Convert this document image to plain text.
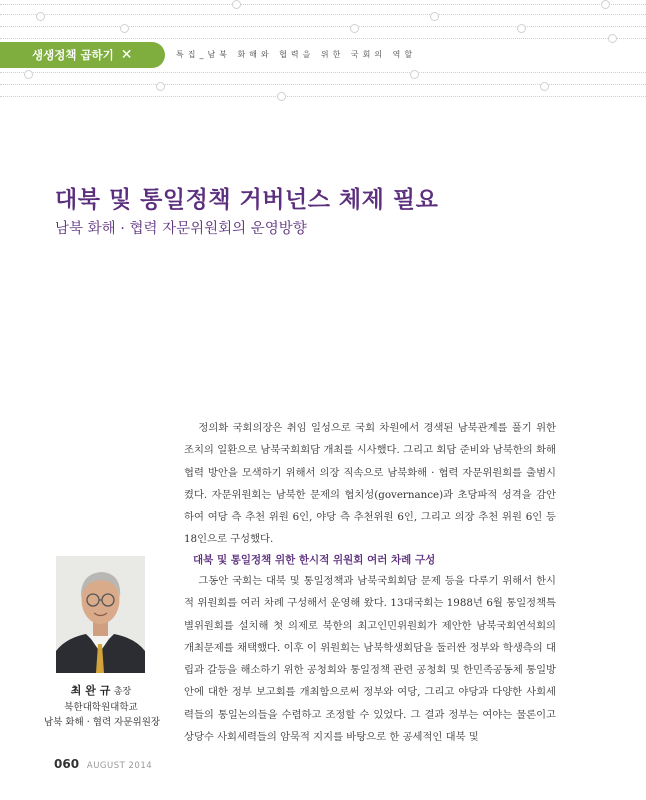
생생정책 곱하기 ✕	특집_남북 화해와 협력을 위한 국회의 역할
대북 및 통일정책 거버넌스 체제 필요
남북 화해 · 협력 자문위원회의 운영방향

정의화 국회의장은 취임 일성으로 국회 차원에서 경색된 남북관계를 풀기 위한 조치의 일환으로 남북국회회담 개최를 시사했다. 그리고 회담 준비와 남북한의 화해 협력 방안을 모색하기 위해서 의장 직속으로 남북화해 · 협력 자문위원회를 출범시켰다. 자문위원회는 남북한 문제의 협치성(governance)과 초당파적 성격을 감안하여 여당 측 추천 위원 6인, 야당 측 추천위원 6인, 그리고 의장 추천 위원 6인 등 18인으로 구성했다.

대북 및 통일정책 위한 한시적 위원회 여러 차례 구성

그동안 국회는 대북 및 통일정책과 남북국회회담 문제 등을 다루기 위해서 한시적 위원회를 여러 차례 구성해서 운영해 왔다. 13대국회는 1988년 6월 통일정책특별위원회를 설치해 첫 의제로 북한의 최고인민위원회가 제안한 남북국회연석회의 개최문제를 채택했다. 이후 이 위원회는 남북학생회담을 둘러싼 정부와 학생측의 대립과 갈등을 해소하기 위한 공청회와 통일정책 관련 공청회 및 한민족공동체 통일방안에 대한 정부 보고회를 개최함으로써 정부와 여당, 그리고 야당과 다양한 사회세력들의 통일논의들을 수렴하고 조정할 수 있었다. 그 결과 정부는 여야는 물론이고 상당수 사회세력들의 암묵적 지지를 바탕으로 한 공세적인 대북 및

최 완 규 총장
북한대학원대학교
남북 화해 · 협력 자문위원장
060 AUGUST 2014
